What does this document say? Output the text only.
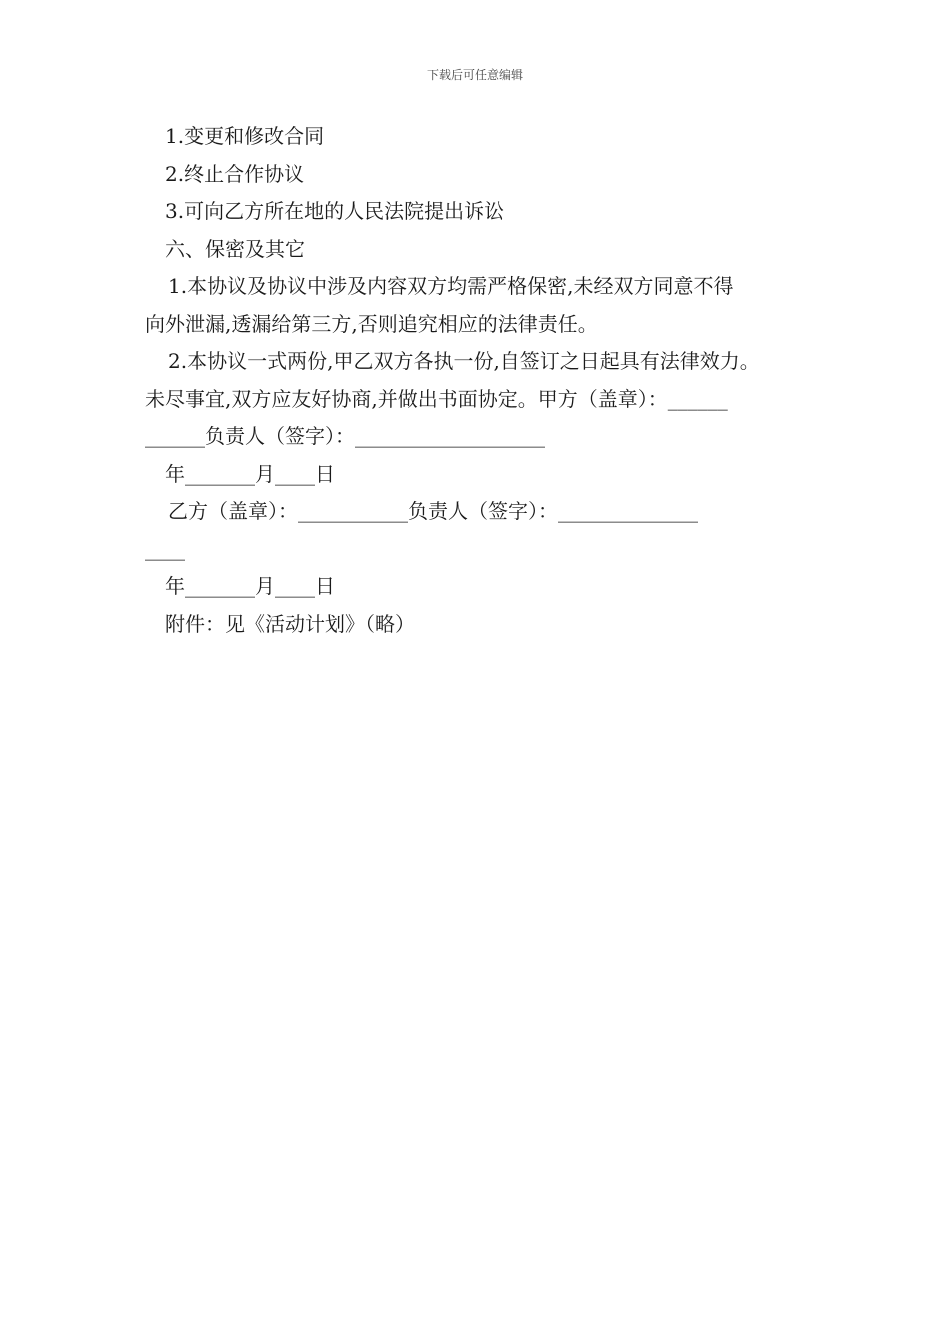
下载后可任意编辑

1.变更和修改合同

2.终止合作协议

3.可向乙方所在地的人民法院提出诉讼

六、保密及其它

1.本协议及协议中涉及内容双方均需严格保密,未经双方同意不得

向外泄漏,透漏给第三方,否则追究相应的法律责任。

2.本协议一式两份,甲乙双方各执一份,自签订之日起具有法律效力。

未尽事宜,双方应友好协商,并做出书面协定。甲方（盖章）：______

______负责人（签字）：___________________

年_______月____日

乙方（盖章）：___________负责人（签字）：______________

____

年_______月____日

附件：见《活动计划》（略）
